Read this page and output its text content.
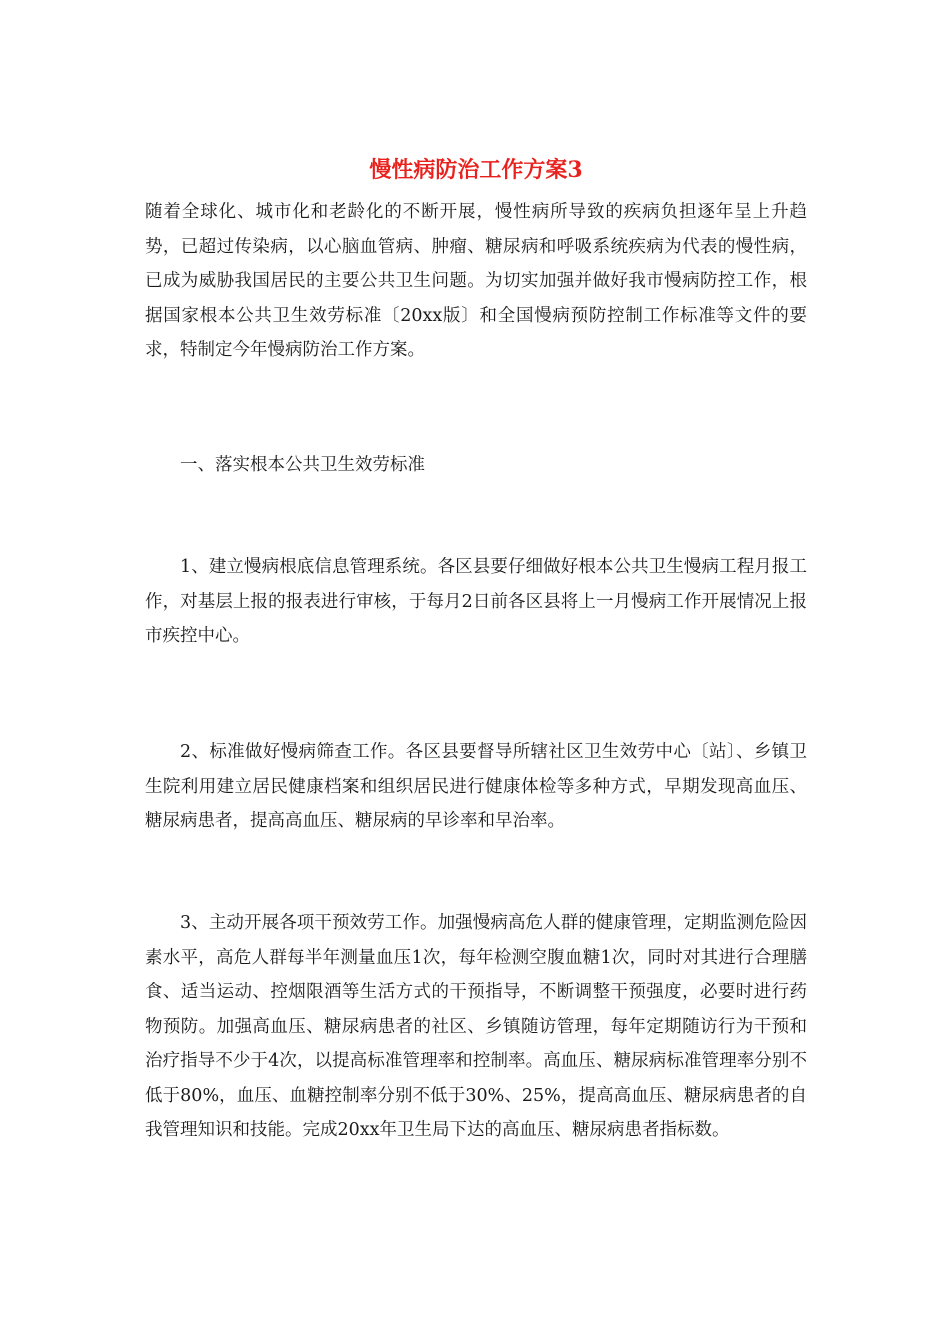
慢性病防治工作方案3

随着全球化、城市化和老龄化的不断开展，慢性病所导致的疾病负担逐年呈上升趋势，已超过传染病，以心脑血管病、肿瘤、糖尿病和呼吸系统疾病为代表的慢性病，已成为威胁我国居民的主要公共卫生问题。为切实加强并做好我市慢病防控工作，根据国家根本公共卫生效劳标准〔20xx版〕和全国慢病预防控制工作标准等文件的要求，特制定今年慢病防治工作方案。

一、落实根本公共卫生效劳标准

1、建立慢病根底信息管理系统。各区县要仔细做好根本公共卫生慢病工程月报工作，对基层上报的报表进行审核，于每月2日前各区县将上一月慢病工作开展情况上报市疾控中心。

2、标准做好慢病筛查工作。各区县要督导所辖社区卫生效劳中心〔站〕、乡镇卫生院利用建立居民健康档案和组织居民进行健康体检等多种方式，早期发现高血压、糖尿病患者，提高高血压、糖尿病的早诊率和早治率。

3、主动开展各项干预效劳工作。加强慢病高危人群的健康管理，定期监测危险因素水平，高危人群每半年测量血压1次，每年检测空腹血糖1次，同时对其进行合理膳食、适当运动、控烟限酒等生活方式的干预指导，不断调整干预强度，必要时进行药物预防。加强高血压、糖尿病患者的社区、乡镇随访管理，每年定期随访行为干预和治疗指导不少于4次，以提高标准管理率和控制率。高血压、糖尿病标准管理率分别不低于80%，血压、血糖控制率分别不低于30%、25%，提高高血压、糖尿病患者的自我管理知识和技能。完成20xx年卫生局下达的高血压、糖尿病患者指标数。
